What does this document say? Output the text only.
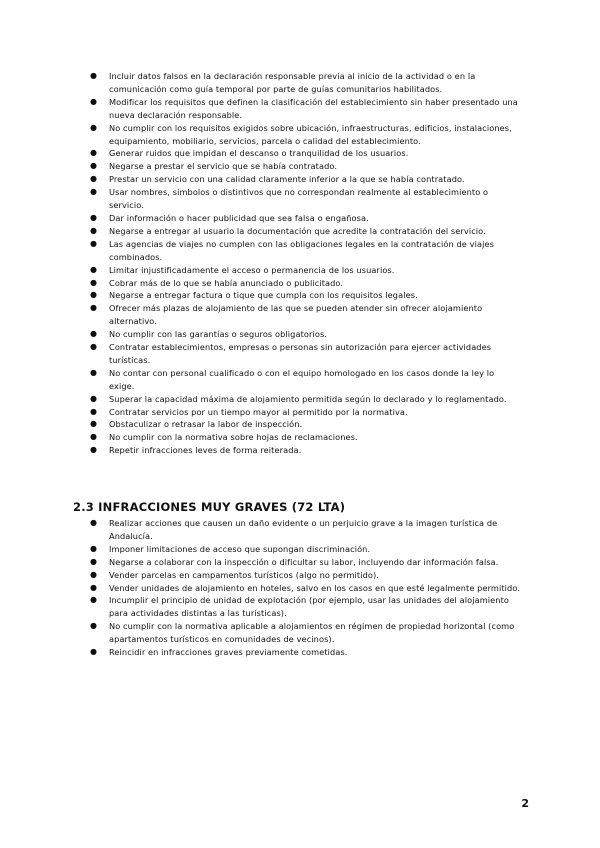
● Incluir datos falsos en la declaración responsable previa al inicio de la actividad o en la comunicación como guía temporal por parte de guías comunitarios habilitados.
● Modificar los requisitos que definen la clasificación del establecimiento sin haber presentado una nueva declaración responsable.
● No cumplir con los requisitos exigidos sobre ubicación, infraestructuras, edificios, instalaciones, equipamiento, mobiliario, servicios, parcela o calidad del establecimiento.
● Generar ruidos que impidan el descanso o tranquilidad de los usuarios.
● Negarse a prestar el servicio que se había contratado.
● Prestar un servicio con una calidad claramente inferior a la que se había contratado.
● Usar nombres, símbolos o distintivos que no correspondan realmente al establecimiento o servicio.
● Dar información o hacer publicidad que sea falsa o engañosa.
● Negarse a entregar al usuario la documentación que acredite la contratación del servicio.
● Las agencias de viajes no cumplen con las obligaciones legales en la contratación de viajes combinados.
● Limitar injustificadamente el acceso o permanencia de los usuarios.
● Cobrar más de lo que se había anunciado o publicitado.
● Negarse a entregar factura o tique que cumpla con los requisitos legales.
● Ofrecer más plazas de alojamiento de las que se pueden atender sin ofrecer alojamiento alternativo.
● No cumplir con las garantías o seguros obligatorios.
● Contratar establecimientos, empresas o personas sin autorización para ejercer actividades turísticas.
● No contar con personal cualificado o con el equipo homologado en los casos donde la ley lo exige.
● Superar la capacidad máxima de alojamiento permitida según lo declarado y lo reglamentado.
● Contratar servicios por un tiempo mayor al permitido por la normativa.
● Obstaculizar o retrasar la labor de inspección.
● No cumplir con la normativa sobre hojas de reclamaciones.
● Repetir infracciones leves de forma reiterada.
2.3 INFRACCIONES MUY GRAVES (72 LTA)
● Realizar acciones que causen un daño evidente o un perjuicio grave a la imagen turística de Andalucía.
● Imponer limitaciones de acceso que supongan discriminación.
● Negarse a colaborar con la inspección o dificultar su labor, incluyendo dar información falsa.
● Vender parcelas en campamentos turísticos (algo no permitido).
● Vender unidades de alojamiento en hoteles, salvo en los casos en que esté legalmente permitido.
● Incumplir el principio de unidad de explotación (por ejemplo, usar las unidades del alojamiento para actividades distintas a las turísticas).
● No cumplir con la normativa aplicable a alojamientos en régimen de propiedad horizontal (como apartamentos turísticos en comunidades de vecinos).
● Reincidir en infracciones graves previamente cometidas.
2
